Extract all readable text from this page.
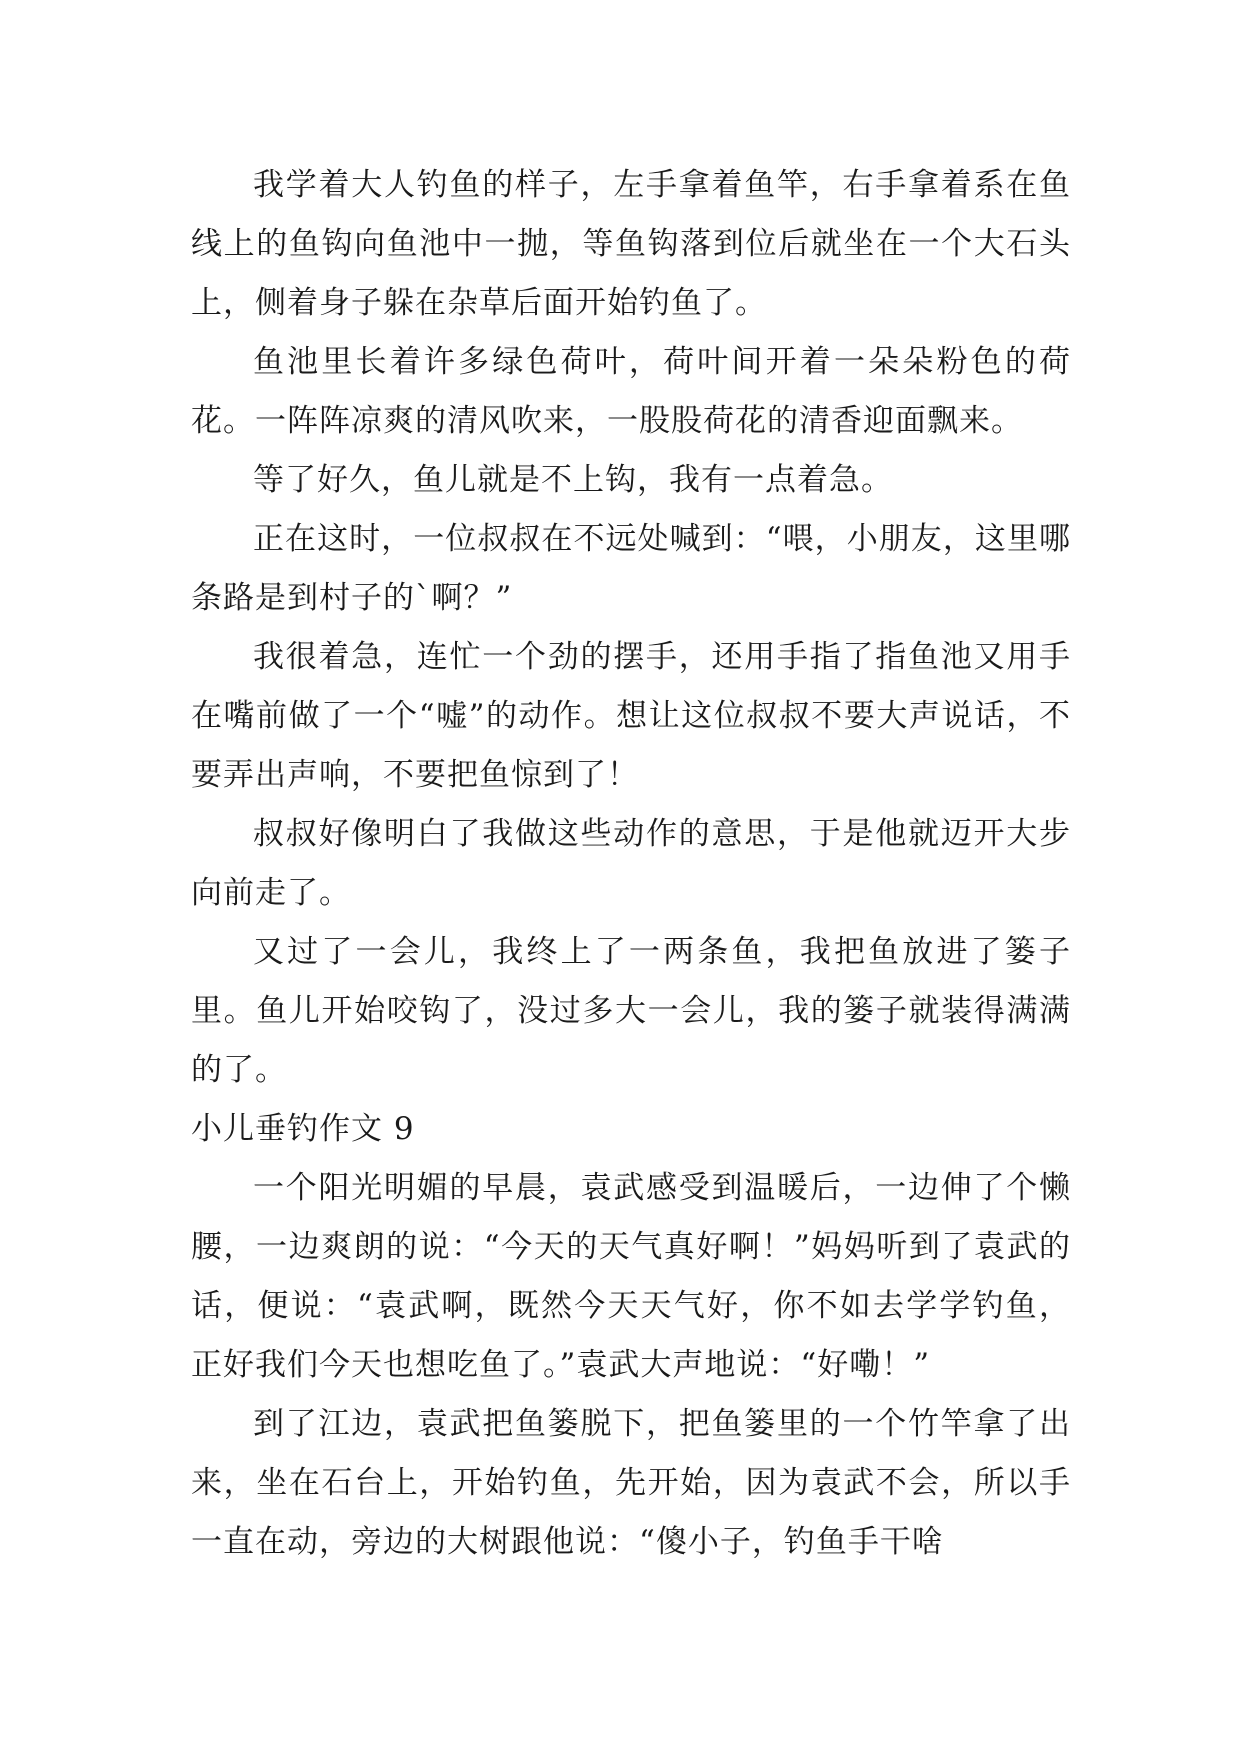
我学着大人钓鱼的样子，左手拿着鱼竿，右手拿着系在鱼线上的鱼钩向鱼池中一抛，等鱼钩落到位后就坐在一个大石头上，侧着身子躲在杂草后面开始钓鱼了。

鱼池里长着许多绿色荷叶，荷叶间开着一朵朵粉色的荷花。一阵阵凉爽的清风吹来，一股股荷花的清香迎面飘来。

等了好久，鱼儿就是不上钩，我有一点着急。

正在这时，一位叔叔在不远处喊到：“喂，小朋友，这里哪条路是到村子的`啊？”

我很着急，连忙一个劲的摆手，还用手指了指鱼池又用手在嘴前做了一个“嘘”的动作。想让这位叔叔不要大声说话，不要弄出声响，不要把鱼惊到了！

叔叔好像明白了我做这些动作的意思，于是他就迈开大步向前走了。

又过了一会儿，我终上了一两条鱼，我把鱼放进了篓子里。鱼儿开始咬钩了，没过多大一会儿，我的篓子就装得满满的了。

小儿垂钓作文 9

一个阳光明媚的早晨，袁武感受到温暖后，一边伸了个懒腰，一边爽朗的说：“今天的天气真好啊！”妈妈听到了袁武的话，便说：“袁武啊，既然今天天气好，你不如去学学钓鱼，正好我们今天也想吃鱼了。”袁武大声地说：“好嘞！”

到了江边，袁武把鱼篓脱下，把鱼篓里的一个竹竿拿了出来，坐在石台上，开始钓鱼，先开始，因为袁武不会，所以手一直在动，旁边的大树跟他说：“傻小子，钓鱼手干啥
